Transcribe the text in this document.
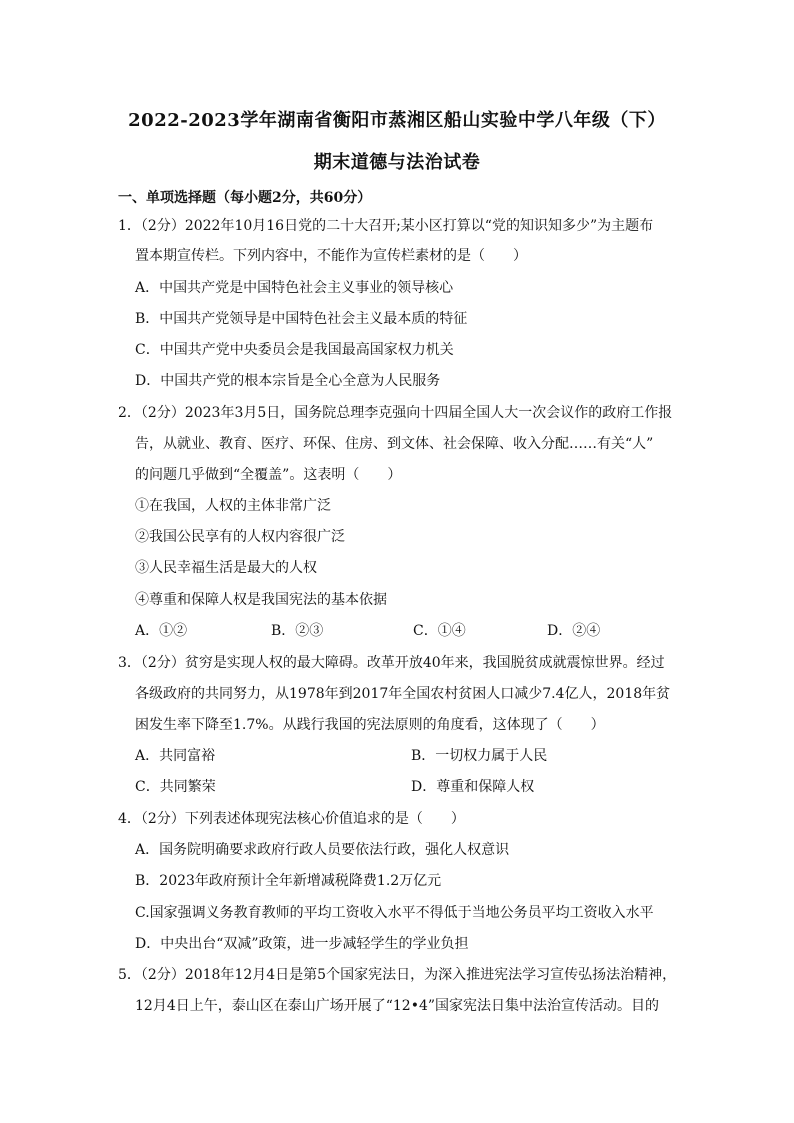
2022-2023学年湖南省衡阳市蒸湘区船山实验中学八年级（下）
期末道德与法治试卷
一、单项选择题（每小题2分，共60分）
1．（2分）2022年10月16日党的二十大召开;某小区打算以“党的知识知多少”为主题布
置本期宣传栏。下列内容中，不能作为宣传栏素材的是（　　）
A．中国共产党是中国特色社会主义事业的领导核心
B．中国共产党领导是中国特色社会主义最本质的特征
C．中国共产党中央委员会是我国最高国家权力机关
D．中国共产党的根本宗旨是全心全意为人民服务
2．（2分）2023年3月5日，国务院总理李克强向十四届全国人大一次会议作的政府工作报
告，从就业、教育、医疗、环保、住房、到文体、社会保障、收入分配……有关“人”
的问题几乎做到“全覆盖”。这表明（　　）
①在我国，人权的主体非常广泛
②我国公民享有的人权内容很广泛
③人民幸福生活是最大的人权
④尊重和保障人权是我国宪法的基本依据
A．①②	B．②③	C．①④	D．②④
3．（2分）贫穷是实现人权的最大障碍。改革开放40年来，我国脱贫成就震惊世界。经过
各级政府的共同努力，从1978年到2017年全国农村贫困人口减少7.4亿人，2018年贫
困发生率下降至1.7%。从践行我国的宪法原则的角度看，这体现了（　　）
A．共同富裕	B．一切权力属于人民
C．共同繁荣	D．尊重和保障人权
4．（2分）下列表述体现宪法核心价值追求的是（　　）
A．国务院明确要求政府行政人员要依法行政，强化人权意识
B．2023年政府预计全年新增减税降费1.2万亿元
C.国家强调义务教育教师的平均工资收入水平不得低于当地公务员平均工资收入水平
D．中央出台“双减”政策，进一步减轻学生的学业负担
5．（2分）2018年12月4日是第5个国家宪法日，为深入推进宪法学习宣传弘扬法治精神，
12月4日上午，泰山区在泰山广场开展了“12•4”国家宪法日集中法治宣传活动。目的
